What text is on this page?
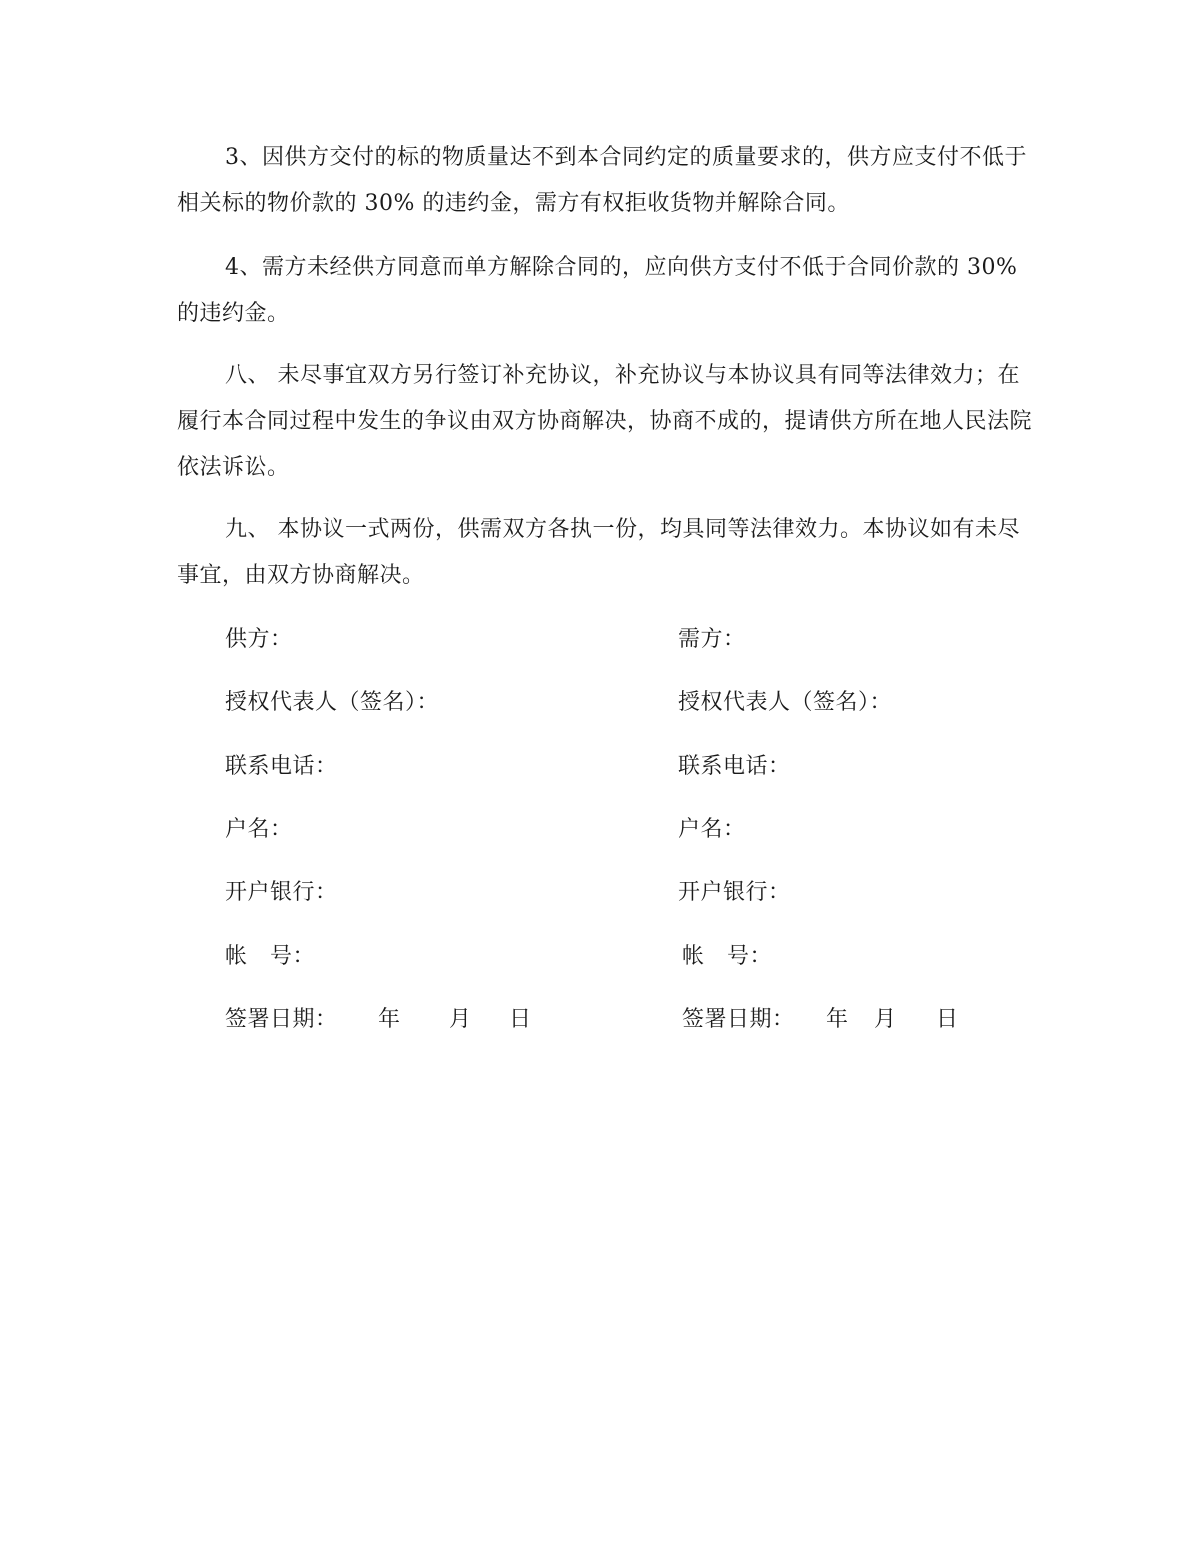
3、因供方交付的标的物质量达不到本合同约定的质量要求的，供方应支付不低于相关标的物价款的 30% 的违约金，需方有权拒收货物并解除合同。

4、需方未经供方同意而单方解除合同的，应向供方支付不低于合同价款的 30% 的违约金。

八、 未尽事宜双方另行签订补充协议，补充协议与本协议具有同等法律效力；在履行本合同过程中发生的争议由双方协商解决，协商不成的，提请供方所在地人民法院依法诉讼。

九、 本协议一式两份，供需双方各执一份，均具同等法律效力。本协议如有未尽事宜，由双方协商解决。

供方：
授权代表人（签名）：
联系电话：
户名：
开户银行：
帐　号：
签署日期： 年 月 日
需方：
授权代表人（签名）：
联系电话：
户名：
开户银行：
帐　号：
签署日期： 年 月 日
